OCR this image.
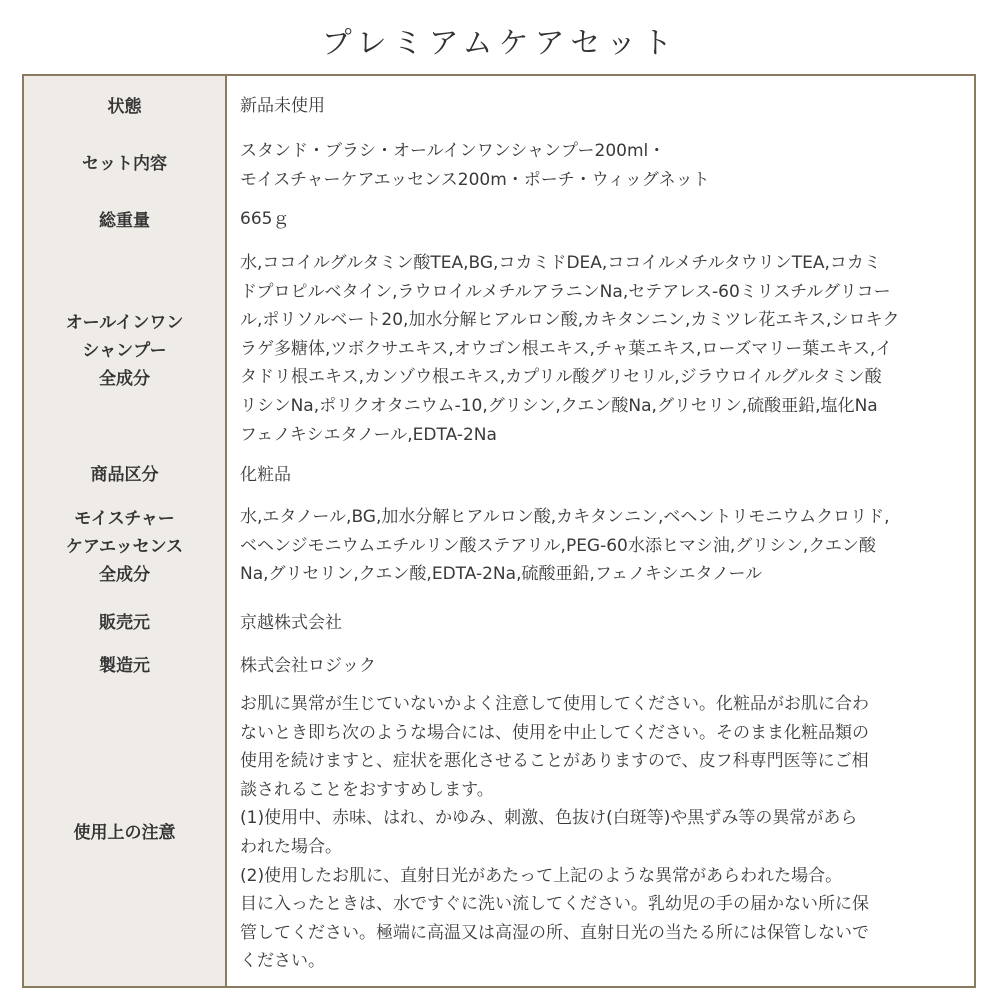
プレミアムケアセット
状態
セット内容
総重量
オールインワン
シャンプー
全成分
商品区分
モイスチャー
ケアエッセンス
全成分
販売元
製造元
使用上の注意
新品未使用
スタンド・ブラシ・オールインワンシャンプー200ml・
モイスチャーケアエッセンス200m・ポーチ・ウィッグネット
665ｇ
水,ココイルグルタミン酸TEA,BG,コカミドDEA,ココイルメチルタウリンTEA,コカミ
ドプロピルベタイン,ラウロイルメチルアラニンNa,セテアレス-60ミリスチルグリコー
ル,ポリソルベート20,加水分解ヒアルロン酸,カキタンニン,カミツレ花エキス,シロキク
ラゲ多糖体,ツボクサエキス,オウゴン根エキス,チャ葉エキス,ローズマリー葉エキス,イ
タドリ根エキス,カンゾウ根エキス,カプリル酸グリセリル,ジラウロイルグルタミン酸
リシンNa,ポリクオタニウム-10,グリシン,クエン酸Na,グリセリン,硫酸亜鉛,塩化Na
フェノキシエタノール,EDTA-2Na
化粧品
水,エタノール,BG,加水分解ヒアルロン酸,カキタンニン,ベヘントリモニウムクロリド,
ベヘンジモニウムエチルリン酸ステアリル,PEG-60水添ヒマシ油,グリシン,クエン酸
Na,グリセリン,クエン酸,EDTA-2Na,硫酸亜鉛,フェノキシエタノール
京越株式会社
株式会社ロジック
お肌に異常が生じていないかよく注意して使用してください。化粧品がお肌に合わ
ないとき即ち次のような場合には、使用を中止してください。そのまま化粧品類の
使用を続けますと、症状を悪化させることがありますので、皮フ科専門医等にご相
談されることをおすすめします。
(1)使用中、赤味、はれ、かゆみ、刺激、色抜け(白斑等)や黒ずみ等の異常があら
われた場合。
(2)使用したお肌に、直射日光があたって上記のような異常があらわれた場合。
目に入ったときは、水ですぐに洗い流してください。乳幼児の手の届かない所に保
管してください。極端に高温又は高湿の所、直射日光の当たる所には保管しないで
ください。
